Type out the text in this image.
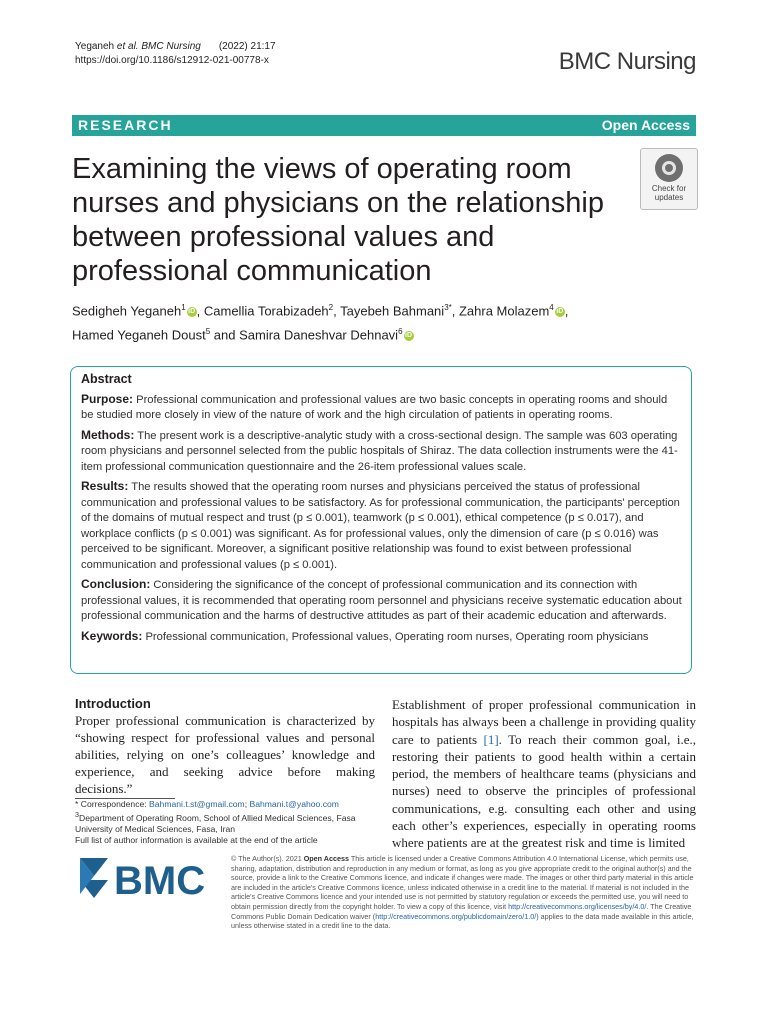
Yeganeh et al. BMC Nursing (2022) 21:17
https://doi.org/10.1186/s12912-021-00778-x	BMC Nursing
RESEARCH	Open Access
Examining the views of operating room nurses and physicians on the relationship between professional values and professional communication
Check for
updates
Sedigheh Yeganeh$^1$ iD , Camellia Torabizadeh$^2$, Tayebeh Bahmani$^{3*}$, Zahra Molazem$^4$ iD ,
Hamed Yeganeh Doust$^5$ and Samira Daneshvar Dehnavi$^6$ iD
Abstract

Purpose: Professional communication and professional values are two basic concepts in operating rooms and should be studied more closely in view of the nature of work and the high circulation of patients in operating rooms.

Methods: The present work is a descriptive-analytic study with a cross-sectional design. The sample was 603 operating room physicians and personnel selected from the public hospitals of Shiraz. The data collection instruments were the 41-item professional communication questionnaire and the 26-item professional values scale.

Results: The results showed that the operating room nurses and physicians perceived the status of professional communication and professional values to be satisfactory. As for professional communication, the participants' perception of the domains of mutual respect and trust (p ≤ 0.001), teamwork (p ≤ 0.001), ethical competence (p ≤ 0.017), and workplace conflicts (p ≤ 0.001) was significant. As for professional values, only the dimension of care (p ≤ 0.016) was perceived to be significant. Moreover, a significant positive relationship was found to exist between professional communication and professional values (p ≤ 0.001).

Conclusion: Considering the significance of the concept of professional communication and its connection with professional values, it is recommended that operating room personnel and physicians receive systematic education about professional communication and the harms of destructive attitudes as part of their academic education and afterwards.

Keywords: Professional communication, Professional values, Operating room nurses, Operating room physicians

Introduction
Proper professional communication is characterized by “showing respect for professional values and personal abilities, relying on one’s colleagues’ knowledge and experience, and seeking advice before making decisions.”
Establishment of proper professional communication in hospitals has always been a challenge in providing quality care to patients [1]. To reach their common goal, i.e., restoring their patients to good health within a certain period, the members of healthcare teams (physicians and nurses) need to observe the principles of professional communications, e.g. consulting each other and using each other’s experiences, especially in operating rooms where patients are at the greatest risk and time is limited
* Correspondence: Bahmani.t.st@gmail.com; Bahmani.t@yahoo.com
$^3$Department of Operating Room, School of Allied Medical Sciences, Fasa University of Medical Sciences, Fasa, Iran
Full list of author information is available at the end of the article
BMC
© The Author(s). 2021 Open Access This article is licensed under a Creative Commons Attribution 4.0 International License, which permits use, sharing, adaptation, distribution and reproduction in any medium or format, as long as you give appropriate credit to the original author(s) and the source, provide a link to the Creative Commons licence, and indicate if changes were made. The images or other third party material in this article are included in the article's Creative Commons licence, unless indicated otherwise in a credit line to the material. If material is not included in the article's Creative Commons licence and your intended use is not permitted by statutory regulation or exceeds the permitted use, you will need to obtain permission directly from the copyright holder. To view a copy of this licence, visit http://creativecommons.org/licenses/by/4.0/. The Creative Commons Public Domain Dedication waiver (http://creativecommons.org/publicdomain/zero/1.0/) applies to the data made available in this article, unless otherwise stated in a credit line to the data.
